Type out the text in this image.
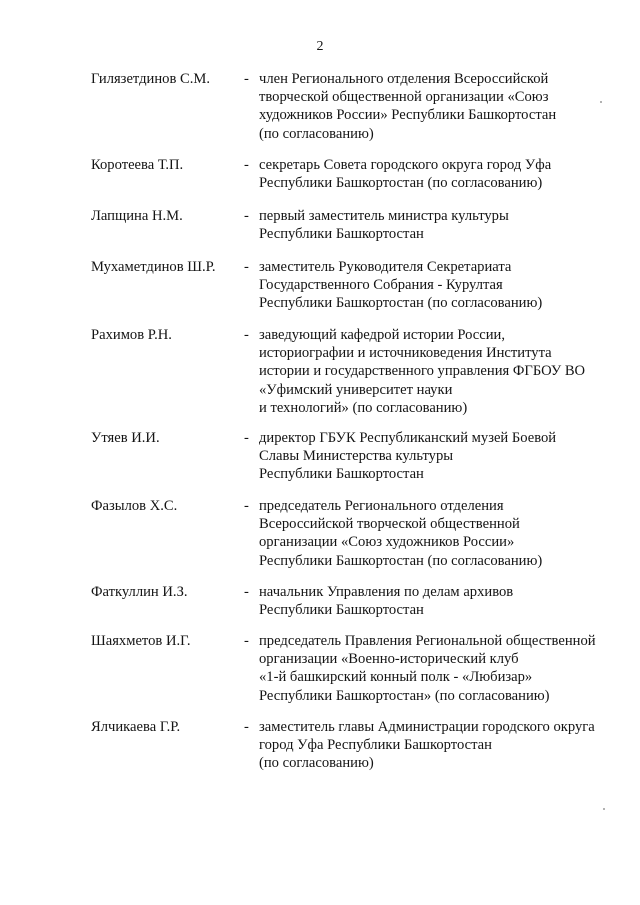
2
Гилязетдинов С.М. - член Регионального отделения Всероссийской
творческой общественной организации «Союз
художников России» Республики Башкортостан
(по согласованию)
Коротеева Т.П.	- секретарь Совета городского округа город Уфа
Республики Башкортостан (по согласованию)
Лапщина Н.М.	- первый заместитель министра культуры
Республики Башкортостан
Мухаметдинов Ш.Р. - заместитель Руководителя Секретариата
Государственного Собрания - Курултая
Республики Башкортостан (по согласованию)
Рахимов Р.Н.	- заведующий кафедрой истории России,
историографии и источниковедения Института
истории и государственного управления ФГБОУ ВО
«Уфимский университет науки
и технологий» (по согласованию)
Утяев И.И.	- директор ГБУК Республиканский музей Боевой
Славы Министерства культуры
Республики Башкортостан
Фазылов Х.С.	- председатель Регионального отделения
Всероссийской творческой общественной
организации «Союз художников России»
Республики Башкортостан (по согласованию)
Фаткуллин И.З.	- начальник Управления по делам архивов
Республики Башкортостан
Шаяхметов И.Г.	- председатель Правления Региональной общественной
организации «Военно-исторический клуб
«1-й башкирский конный полк - «Любизар»
Республики Башкортостан» (по согласованию)
Ялчикаева Г.Р.	- заместитель главы Администрации городского округа
город Уфа Республики Башкортостан
(по согласованию)
